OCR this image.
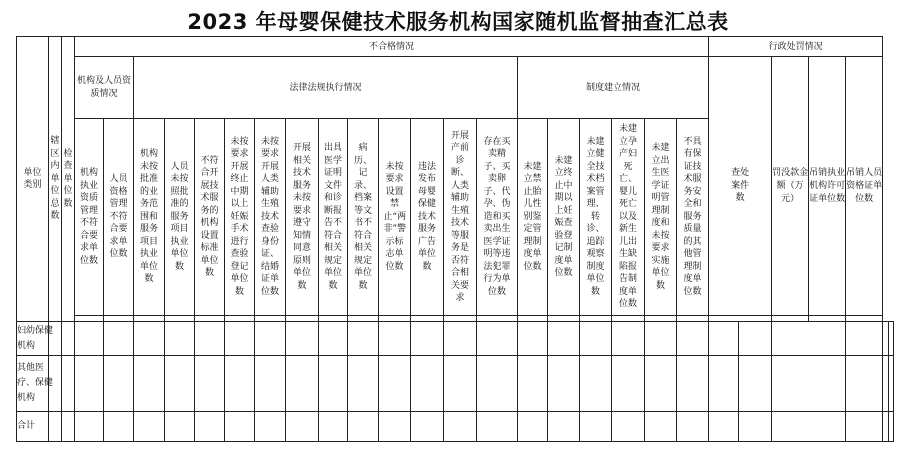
2023 年母婴保健技术服务机构国家随机监督抽查汇总表
单位类别	辖区内单位总数	检查单位数	不合格情况																				行政处罚情况						
			机构及人员资质情况		法律法规执行情况												制度建立情况						查处案件数		罚没款金额（万元）	吊销执业机构许可证单位数	吊销人员资格证单位数		
			机构执业资质管理不符合要求单位数	人员资格管理不符合要求单位数	机构未按批准的业务范围和服务项目执业单位数	人员未按照批准的服务项目执业单位数	不符合开展技术服务的机构设置标准单位数	未按要求开展终止中期以上妊娠手术进行查验登记单位数	未按要求开展人类辅助生殖技术查验身份证、结婚证单位数	开展相关技术服务未按要求遵守知情同意原则单位数	出具医学证明文件和诊断报告不符合相关规定单位数	病历、记录、档案等文书不符合相关规定单位数	未按要求设置禁止“两非”警示标志单位数	违法发布母婴保健技术服务广告单位数	开展产前诊断、人类辅助生殖技术等服务是否符合相关要求	存在买卖精子、买卖卵子、代孕、伪造和买卖出生医学证明等违法犯罪行为单位数	未建立禁止胎儿性别鉴定管理制度单位数	未建立终止中期以上妊娠查验登记制度单位数	未建立健全技术档案管理、转诊、追踪观察制度单位数	未建立孕产妇死亡、婴儿死亡以及新生儿出生缺陷报告制度单位数	未建立出生医学证明管理制度和未按要求实施单位数	不具有保证技术服务安全和服务质量的其他管理制度单位数							

妇幼保健机构																													
其他医疗、保健机构																													
合计																													
